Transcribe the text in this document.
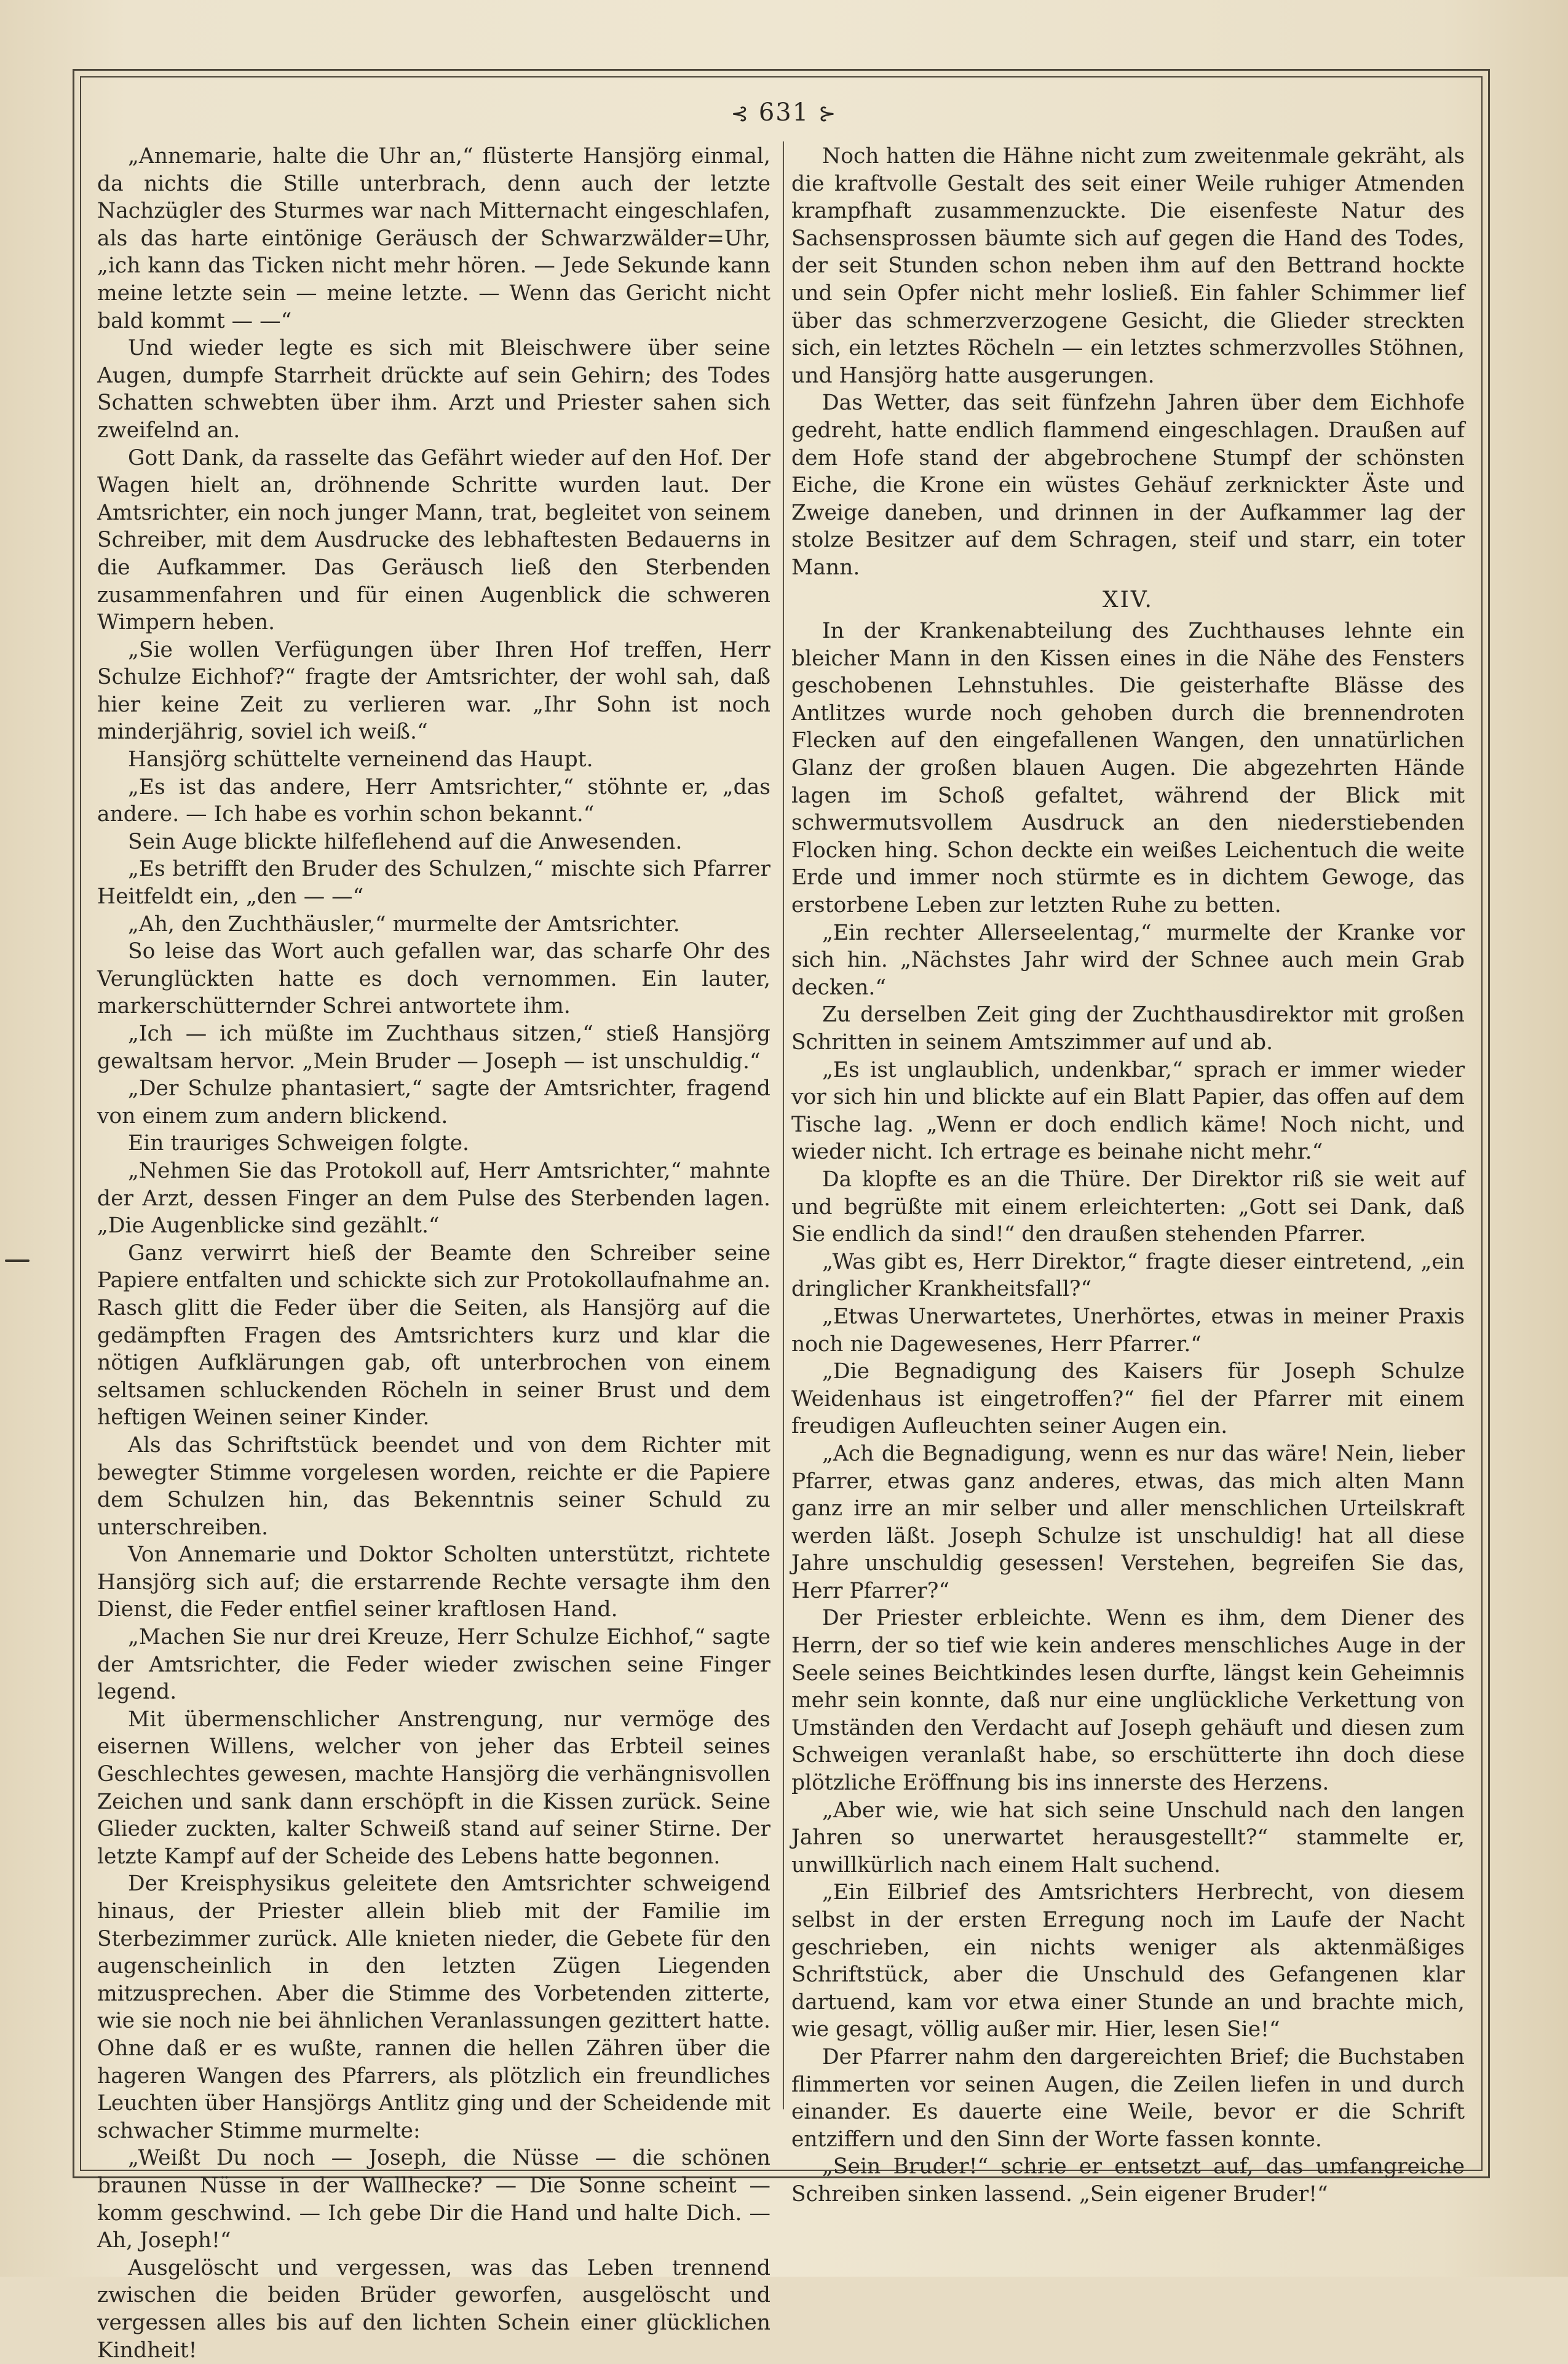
⊰ 631 ⊱

„Annemarie, halte die Uhr an,“ flüsterte Hansjörg einmal, da nichts die Stille unterbrach, denn auch der letzte Nachzügler des Sturmes war nach Mitternacht eingeschlafen, als das harte eintönige Geräusch der Schwarzwälder=Uhr, „ich kann das Ticken nicht mehr hören. — Jede Sekunde kann meine letzte sein — meine letzte. — Wenn das Gericht nicht bald kommt — —“

Und wieder legte es sich mit Bleischwere über seine Augen, dumpfe Starrheit drückte auf sein Gehirn; des Todes Schatten schwebten über ihm. Arzt und Priester sahen sich zweifelnd an.

Gott Dank, da rasselte das Gefährt wieder auf den Hof. Der Wagen hielt an, dröhnende Schritte wurden laut. Der Amtsrichter, ein noch junger Mann, trat, begleitet von seinem Schreiber, mit dem Ausdrucke des lebhaftesten Bedauerns in die Aufkammer. Das Geräusch ließ den Sterbenden zusammenfahren und für einen Augenblick die schweren Wimpern heben.

„Sie wollen Verfügungen über Ihren Hof treffen, Herr Schulze Eichhof?“ fragte der Amtsrichter, der wohl sah, daß hier keine Zeit zu verlieren war. „Ihr Sohn ist noch minderjährig, soviel ich weiß.“

Hansjörg schüttelte verneinend das Haupt.

„Es ist das andere, Herr Amtsrichter,“ stöhnte er, „das andere. — Ich habe es vorhin schon bekannt.“

Sein Auge blickte hilfeflehend auf die Anwesenden.

„Es betrifft den Bruder des Schulzen,“ mischte sich Pfarrer Heitfeldt ein, „den — —“

„Ah, den Zuchthäusler,“ murmelte der Amtsrichter.

So leise das Wort auch gefallen war, das scharfe Ohr des Verunglückten hatte es doch vernommen. Ein lauter, markerschütternder Schrei antwortete ihm.

„Ich — ich müßte im Zuchthaus sitzen,“ stieß Hansjörg gewaltsam hervor. „Mein Bruder — Joseph — ist unschuldig.“

„Der Schulze phantasiert,“ sagte der Amtsrichter, fragend von einem zum andern blickend.

Ein trauriges Schweigen folgte.

„Nehmen Sie das Protokoll auf, Herr Amtsrichter,“ mahnte der Arzt, dessen Finger an dem Pulse des Sterbenden lagen. „Die Augenblicke sind gezählt.“

Ganz verwirrt hieß der Beamte den Schreiber seine Papiere entfalten und schickte sich zur Protokollaufnahme an. Rasch glitt die Feder über die Seiten, als Hansjörg auf die gedämpften Fragen des Amtsrichters kurz und klar die nötigen Aufklärungen gab, oft unterbrochen von einem seltsamen schluckenden Röcheln in seiner Brust und dem heftigen Weinen seiner Kinder.

Als das Schriftstück beendet und von dem Richter mit bewegter Stimme vorgelesen worden, reichte er die Papiere dem Schulzen hin, das Bekenntnis seiner Schuld zu unterschreiben.

Von Annemarie und Doktor Scholten unterstützt, richtete Hansjörg sich auf; die erstarrende Rechte versagte ihm den Dienst, die Feder entfiel seiner kraftlosen Hand.

„Machen Sie nur drei Kreuze, Herr Schulze Eichhof,“ sagte der Amtsrichter, die Feder wieder zwischen seine Finger legend.

Mit übermenschlicher Anstrengung, nur vermöge des eisernen Willens, welcher von jeher das Erbteil seines Geschlechtes gewesen, machte Hansjörg die verhängnisvollen Zeichen und sank dann erschöpft in die Kissen zurück. Seine Glieder zuckten, kalter Schweiß stand auf seiner Stirne. Der letzte Kampf auf der Scheide des Lebens hatte begonnen.

Der Kreisphysikus geleitete den Amtsrichter schweigend hinaus, der Priester allein blieb mit der Familie im Sterbezimmer zurück. Alle knieten nieder, die Gebete für den augenscheinlich in den letzten Zügen Liegenden mitzusprechen. Aber die Stimme des Vorbetenden zitterte, wie sie noch nie bei ähnlichen Veranlassungen gezittert hatte. Ohne daß er es wußte, rannen die hellen Zähren über die hageren Wangen des Pfarrers, als plötzlich ein freundliches Leuchten über Hansjörgs Antlitz ging und der Scheidende mit schwacher Stimme murmelte:

„Weißt Du noch — Joseph, die Nüsse — die schönen braunen Nüsse in der Wallhecke? — Die Sonne scheint — komm geschwind. — Ich gebe Dir die Hand und halte Dich. — Ah, Joseph!“

Ausgelöscht und vergessen, was das Leben trennend zwischen die beiden Brüder geworfen, ausgelöscht und vergessen alles bis auf den lichten Schein einer glücklichen Kindheit!

Noch hatten die Hähne nicht zum zweitenmale gekräht, als die kraftvolle Gestalt des seit einer Weile ruhiger Atmenden krampfhaft zusammenzuckte. Die eisenfeste Natur des Sachsensprossen bäumte sich auf gegen die Hand des Todes, der seit Stunden schon neben ihm auf den Bettrand hockte und sein Opfer nicht mehr losließ. Ein fahler Schimmer lief über das schmerzverzogene Gesicht, die Glieder streckten sich, ein letztes Röcheln — ein letztes schmerzvolles Stöhnen, und Hansjörg hatte ausgerungen.

Das Wetter, das seit fünfzehn Jahren über dem Eichhofe gedreht, hatte endlich flammend eingeschlagen. Draußen auf dem Hofe stand der abgebrochene Stumpf der schönsten Eiche, die Krone ein wüstes Gehäuf zerknickter Äste und Zweige daneben, und drinnen in der Aufkammer lag der stolze Besitzer auf dem Schragen, steif und starr, ein toter Mann.

XIV.

In der Krankenabteilung des Zuchthauses lehnte ein bleicher Mann in den Kissen eines in die Nähe des Fensters geschobenen Lehnstuhles. Die geisterhafte Blässe des Antlitzes wurde noch gehoben durch die brennendroten Flecken auf den eingefallenen Wangen, den unnatürlichen Glanz der großen blauen Augen. Die abgezehrten Hände lagen im Schoß gefaltet, während der Blick mit schwermutsvollem Ausdruck an den niederstiebenden Flocken hing. Schon deckte ein weißes Leichentuch die weite Erde und immer noch stürmte es in dichtem Gewoge, das erstorbene Leben zur letzten Ruhe zu betten.

„Ein rechter Allerseelentag,“ murmelte der Kranke vor sich hin. „Nächstes Jahr wird der Schnee auch mein Grab decken.“

Zu derselben Zeit ging der Zuchthausdirektor mit großen Schritten in seinem Amtszimmer auf und ab.

„Es ist unglaublich, undenkbar,“ sprach er immer wieder vor sich hin und blickte auf ein Blatt Papier, das offen auf dem Tische lag. „Wenn er doch endlich käme! Noch nicht, und wieder nicht. Ich ertrage es beinahe nicht mehr.“

Da klopfte es an die Thüre. Der Direktor riß sie weit auf und begrüßte mit einem erleichterten: „Gott sei Dank, daß Sie endlich da sind!“ den draußen stehenden Pfarrer.

„Was gibt es, Herr Direktor,“ fragte dieser eintretend, „ein dringlicher Krankheitsfall?“

„Etwas Unerwartetes, Unerhörtes, etwas in meiner Praxis noch nie Dagewesenes, Herr Pfarrer.“

„Die Begnadigung des Kaisers für Joseph Schulze Weidenhaus ist eingetroffen?“ fiel der Pfarrer mit einem freudigen Aufleuchten seiner Augen ein.

„Ach die Begnadigung, wenn es nur das wäre! Nein, lieber Pfarrer, etwas ganz anderes, etwas, das mich alten Mann ganz irre an mir selber und aller menschlichen Urteilskraft werden läßt. Joseph Schulze ist unschuldig! hat all diese Jahre unschuldig gesessen! Verstehen, begreifen Sie das, Herr Pfarrer?“

Der Priester erbleichte. Wenn es ihm, dem Diener des Herrn, der so tief wie kein anderes menschliches Auge in der Seele seines Beichtkindes lesen durfte, längst kein Geheimnis mehr sein konnte, daß nur eine unglückliche Verkettung von Umständen den Verdacht auf Joseph gehäuft und diesen zum Schweigen veranlaßt habe, so erschütterte ihn doch diese plötzliche Eröffnung bis ins innerste des Herzens.

„Aber wie, wie hat sich seine Unschuld nach den langen Jahren so unerwartet herausgestellt?“ stammelte er, unwillkürlich nach einem Halt suchend.

„Ein Eilbrief des Amtsrichters Herbrecht, von diesem selbst in der ersten Erregung noch im Laufe der Nacht geschrieben, ein nichts weniger als aktenmäßiges Schriftstück, aber die Unschuld des Gefangenen klar dartuend, kam vor etwa einer Stunde an und brachte mich, wie gesagt, völlig außer mir. Hier, lesen Sie!“

Der Pfarrer nahm den dargereichten Brief; die Buchstaben flimmerten vor seinen Augen, die Zeilen liefen in und durch einander. Es dauerte eine Weile, bevor er die Schrift entziffern und den Sinn der Worte fassen konnte.

„Sein Bruder!“ schrie er entsetzt auf, das umfangreiche Schreiben sinken lassend. „Sein eigener Bruder!“
